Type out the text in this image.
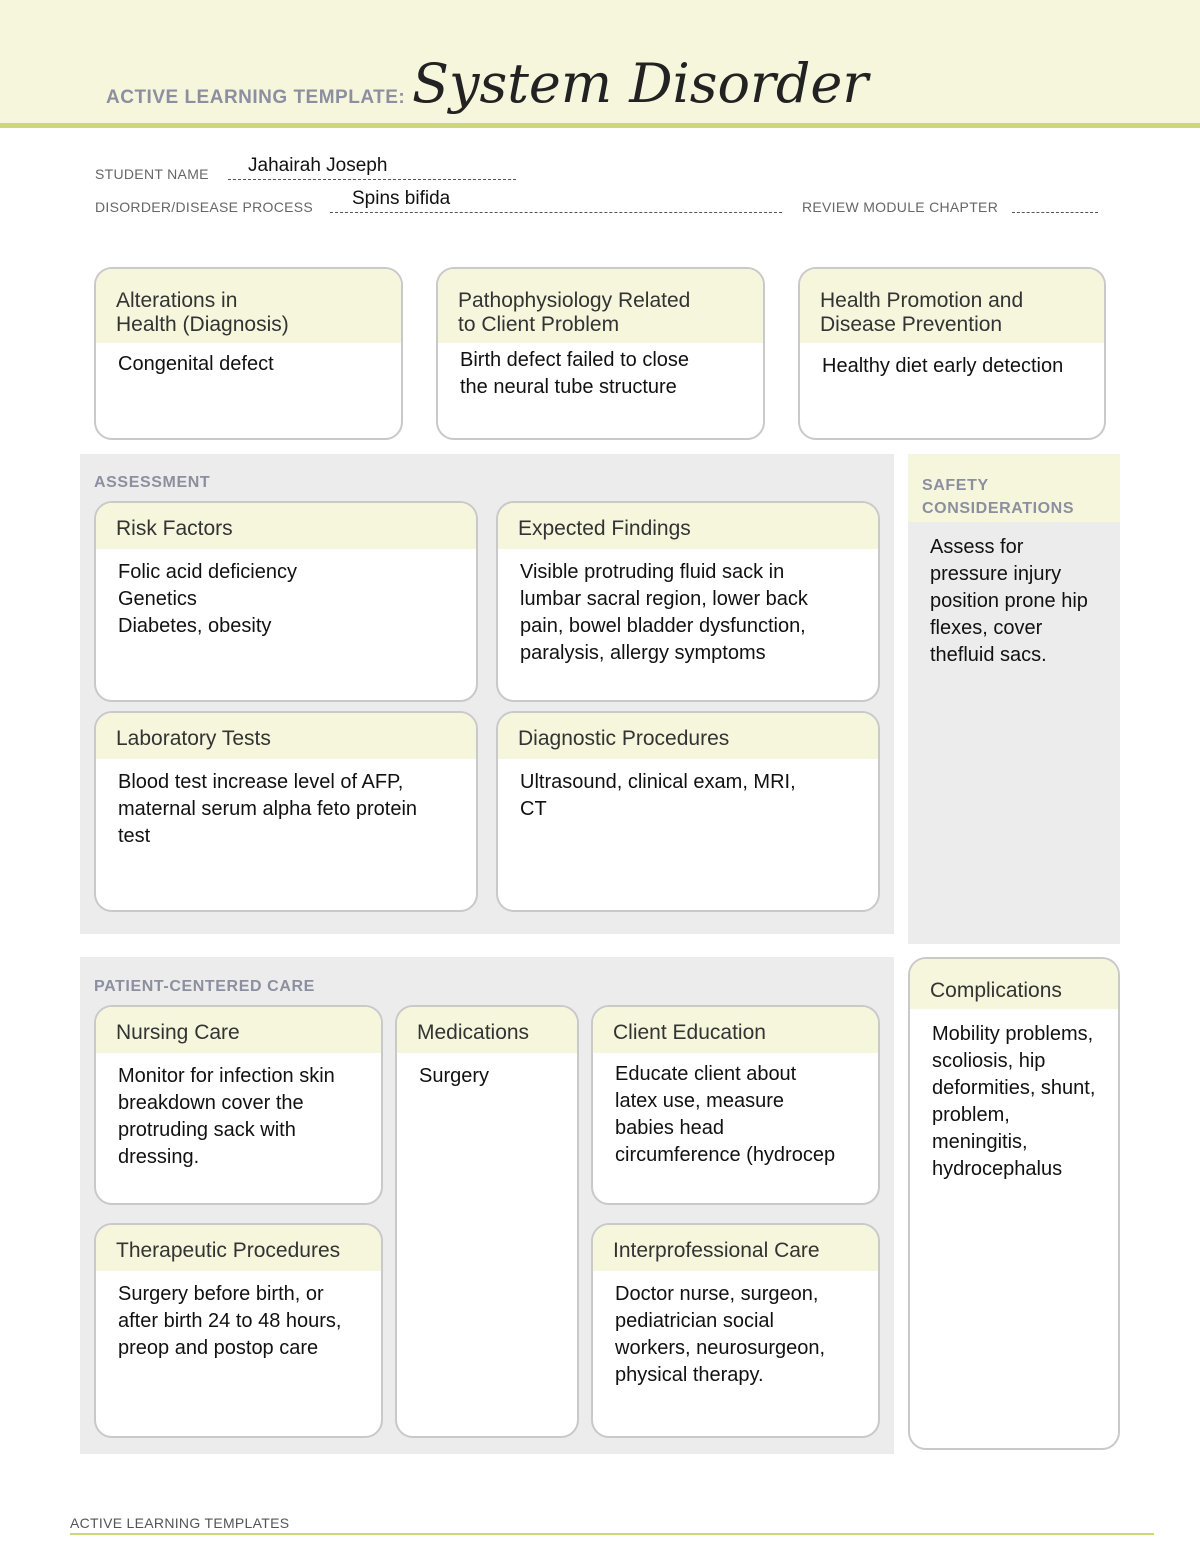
ACTIVE LEARNING TEMPLATE: System Disorder
STUDENT NAME Jahairah Joseph
DISORDER/DISEASE PROCESS Spins bifida	REVIEW MODULE CHAPTER
Alterations in
Health (Diagnosis)
Congenital defect
Pathophysiology Related
to Client Problem
Birth defect failed to close
the neural tube structure
Health Promotion and
Disease Prevention
Healthy diet early detection
ASSESSMENT
Risk Factors
Folic acid deficiency
Genetics
Diabetes, obesity
Expected Findings
Visible protruding fluid sack in
lumbar sacral region, lower back
pain, bowel bladder dysfunction,
paralysis, allergy symptoms
Laboratory Tests
Blood test increase level of AFP,
maternal serum alpha feto protein
test
Diagnostic Procedures
Ultrasound, clinical exam, MRI,
CT
SAFETY
CONSIDERATIONS
Assess for
pressure injury
position prone hip
flexes, cover
thefluid sacs.
PATIENT-CENTERED CARE
Nursing Care
Monitor for infection skin
breakdown cover the
protruding sack with
dressing.
Medications
Surgery
Client Education
Educate client about
latex use, measure
babies head
circumference (hydrocep
Therapeutic Procedures
Surgery before birth, or
after birth 24 to 48 hours,
preop and postop care
Interprofessional Care
Doctor nurse, surgeon,
pediatrician social
workers, neurosurgeon,
physical therapy.
Complications
Mobility problems,
scoliosis, hip
deformities, shunt,
problem,
meningitis,
hydrocephalus
ACTIVE LEARNING TEMPLATES
